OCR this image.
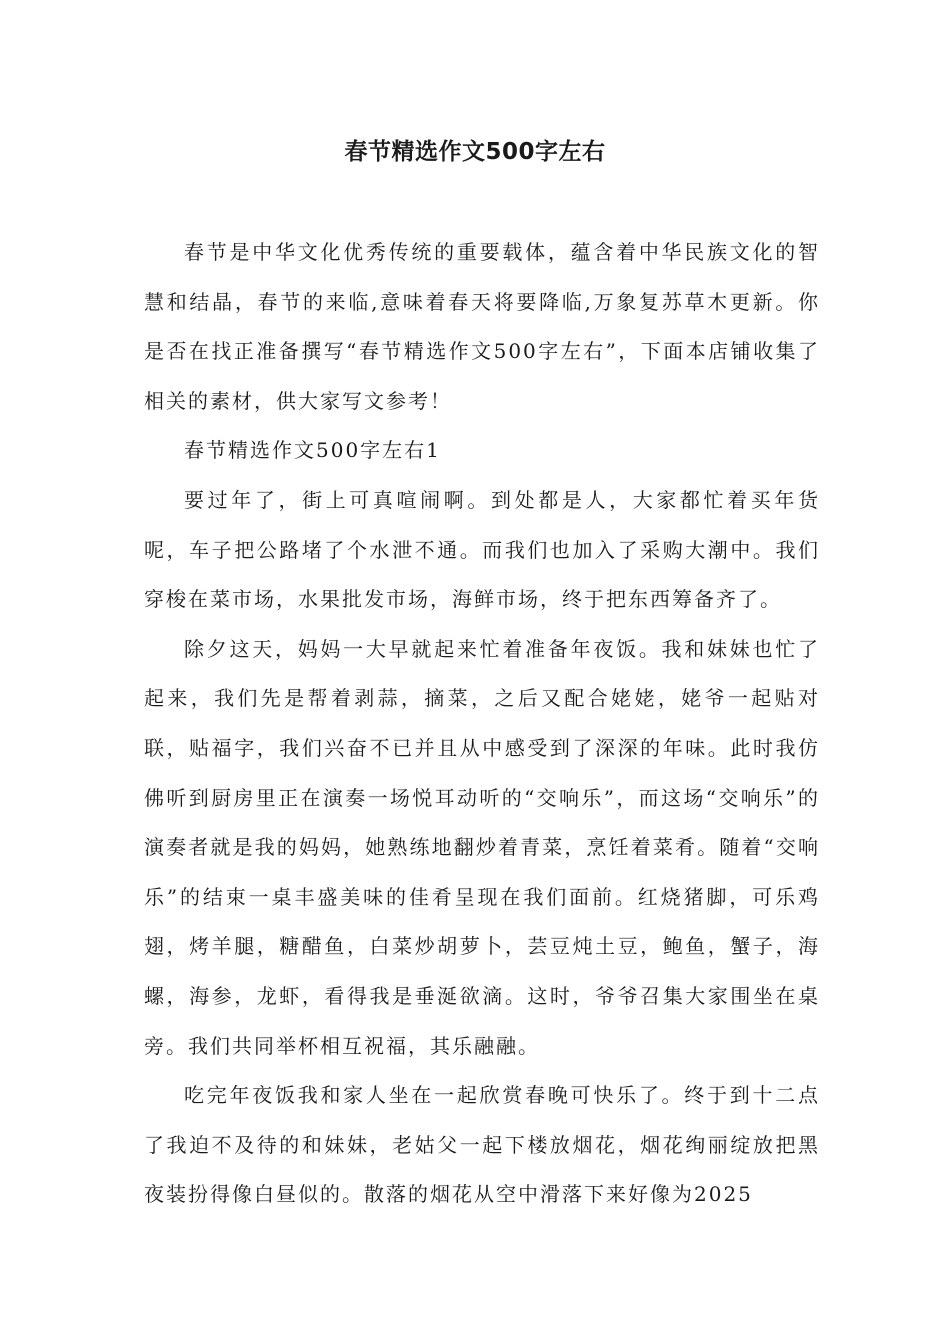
春节精选作文500字左右

春节是中华文化优秀传统的重要载体，蕴含着中华民族文化的智慧和结晶，春节的来临,意味着春天将要降临,万象复苏草木更新。你是否在找正准备撰写“春节精选作文500字左右”，下面本店铺收集了相关的素材，供大家写文参考！

春节精选作文500字左右1

要过年了，街上可真喧闹啊。到处都是人，大家都忙着买年货呢，车子把公路堵了个水泄不通。而我们也加入了采购大潮中。我们穿梭在菜市场，水果批发市场，海鲜市场，终于把东西筹备齐了。

除夕这天，妈妈一大早就起来忙着准备年夜饭。我和妹妹也忙了起来，我们先是帮着剥蒜，摘菜，之后又配合姥姥，姥爷一起贴对联，贴福字，我们兴奋不已并且从中感受到了深深的年味。此时我仿佛听到厨房里正在演奏一场悦耳动听的“交响乐”，而这场“交响乐”的演奏者就是我的妈妈，她熟练地翻炒着青菜，烹饪着菜肴。随着“交响乐”的结束一桌丰盛美味的佳肴呈现在我们面前。红烧猪脚，可乐鸡翅，烤羊腿，糖醋鱼，白菜炒胡萝卜，芸豆炖土豆，鲍鱼，蟹子，海螺，海参，龙虾，看得我是垂涎欲滴。这时，爷爷召集大家围坐在桌旁。我们共同举杯相互祝福，其乐融融。

吃完年夜饭我和家人坐在一起欣赏春晚可快乐了。终于到十二点了我迫不及待的和妹妹，老姑父一起下楼放烟花，烟花绚丽绽放把黑夜装扮得像白昼似的。散落的烟花从空中滑落下来好像为2025
